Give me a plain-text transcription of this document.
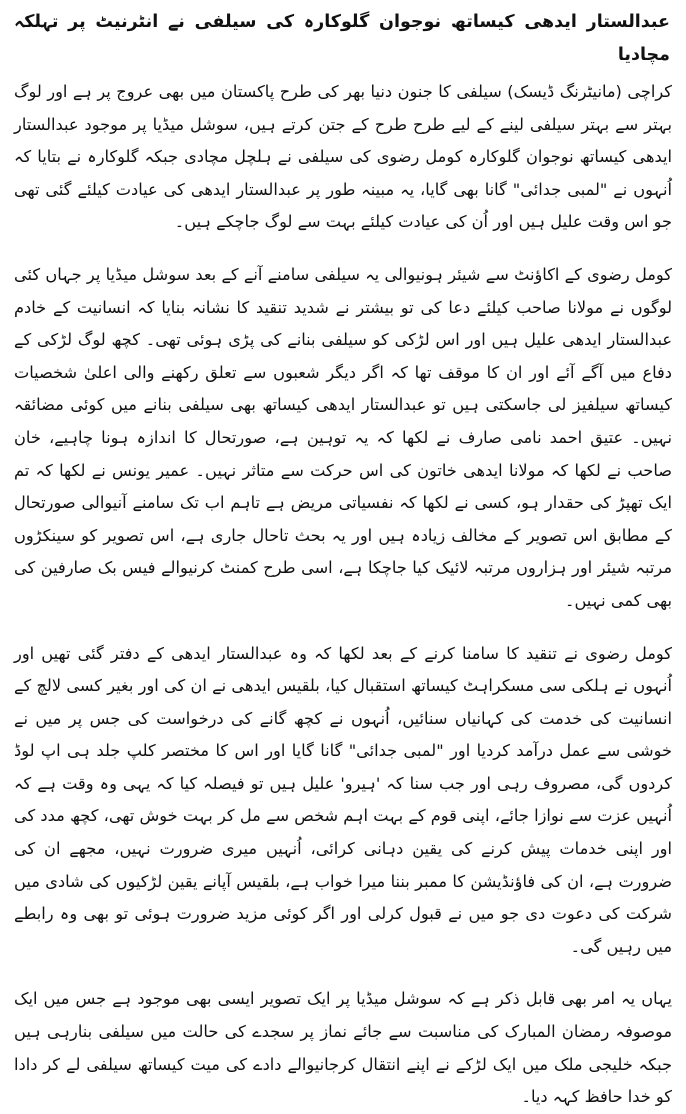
عبدالستار ایدھی کیساتھ نوجوان گلوکارہ کی سیلفی نے انٹرنیٹ پر تہلکہ مچادیا

کراچی (مانیٹرنگ ڈیسک) سیلفی کا جنون دنیا بھر کی طرح پاکستان میں بھی عروج پر ہے اور لوگ بہتر سے بہتر سیلفی لینے کے لیے طرح طرح کے جتن کرتے ہیں، سوشل میڈیا پر موجود عبدالستار ایدھی کیساتھ نوجوان گلوکارہ کومل رضوی کی سیلفی نے ہلچل مچادی جبکہ گلوکارہ نے بتایا کہ اُنہوں نے "لمبی جدائی" گانا بھی گایا، یہ مبینہ طور پر عبدالستار ایدھی کی عیادت کیلئے گئی تھی جو اس وقت علیل ہیں اور اُن کی عیادت کیلئے بہت سے لوگ جاچکے ہیں۔

کومل رضوی کے اکاؤنٹ سے شیئر ہونیوالی یہ سیلفی سامنے آنے کے بعد سوشل میڈیا پر جہاں کئی لوگوں نے مولانا صاحب کیلئے دعا کی تو بیشتر نے شدید تنقید کا نشانہ بنایا کہ انسانیت کے خادم عبدالستار ایدھی علیل ہیں اور اس لڑکی کو سیلفی بنانے کی پڑی ہوئی تھی۔ کچھ لوگ لڑکی کے دفاع میں آگے آئے اور ان کا موقف تھا کہ اگر دیگر شعبوں سے تعلق رکھنے والی اعلیٰ شخصیات کیساتھ سیلفیز لی جاسکتی ہیں تو عبدالستار ایدھی کیساتھ بھی سیلفی بنانے میں کوئی مضائقہ نہیں۔ عتیق احمد نامی صارف نے لکھا کہ یہ توہین ہے، صورتحال کا اندازہ ہونا چاہیے، خان صاحب نے لکھا کہ مولانا ایدھی خاتون کی اس حرکت سے متاثر نہیں۔ عمیر یونس نے لکھا کہ تم ایک تھپڑ کی حقدار ہو، کسی نے لکھا کہ نفسیاتی مریض ہے تاہم اب تک سامنے آنیوالی صورتحال کے مطابق اس تصویر کے مخالف زیادہ ہیں اور یہ بحث تاحال جاری ہے، اس تصویر کو سینکڑوں مرتبہ شیئر اور ہزاروں مرتبہ لائیک کیا جاچکا ہے، اسی طرح کمنٹ کرنیوالے فیس بک صارفین کی بھی کمی نہیں۔

کومل رضوی نے تنقید کا سامنا کرنے کے بعد لکھا کہ وہ عبدالستار ایدھی کے دفتر گئی تھیں اور اُنہوں نے ہلکی سی مسکراہٹ کیساتھ استقبال کیا، بلقیس ایدھی نے ان کی اور بغیر کسی لالچ کے انسانیت کی خدمت کی کہانیاں سنائیں، اُنہوں نے کچھ گانے کی درخواست کی جس پر میں نے خوشی سے عمل درآمد کردیا اور "لمبی جدائی" گانا گایا اور اس کا مختصر کلپ جلد ہی اپ لوڈ کردوں گی، مصروف رہی اور جب سنا کہ 'ہیرو' علیل ہیں تو فیصلہ کیا کہ یہی وہ وقت ہے کہ اُنہیں عزت سے نوازا جائے، اپنی قوم کے بہت اہم شخص سے مل کر بہت خوش تھی، کچھ مدد کی اور اپنی خدمات پیش کرنے کی یقین دہانی کرائی، اُنہیں میری ضرورت نہیں، مجھے ان کی ضرورت ہے، ان کی فاؤنڈیشن کا ممبر بننا میرا خواب ہے، بلقیس آپانے یقین لڑکیوں کی شادی میں شرکت کی دعوت دی جو میں نے قبول کرلی اور اگر کوئی مزید ضرورت ہوئی تو بھی وہ رابطے میں رہیں گی۔

یہاں یہ امر بھی قابل ذکر ہے کہ سوشل میڈیا پر ایک تصویر ایسی بھی موجود ہے جس میں ایک موصوفہ رمضان المبارک کی مناسبت سے جائے نماز پر سجدے کی حالت میں سیلفی بنارہی ہیں جبکہ خلیجی ملک میں ایک لڑکے نے اپنے انتقال کرجانیوالے دادے کی میت کیساتھ سیلفی لے کر دادا کو خدا حافظ کہہ دیا۔
